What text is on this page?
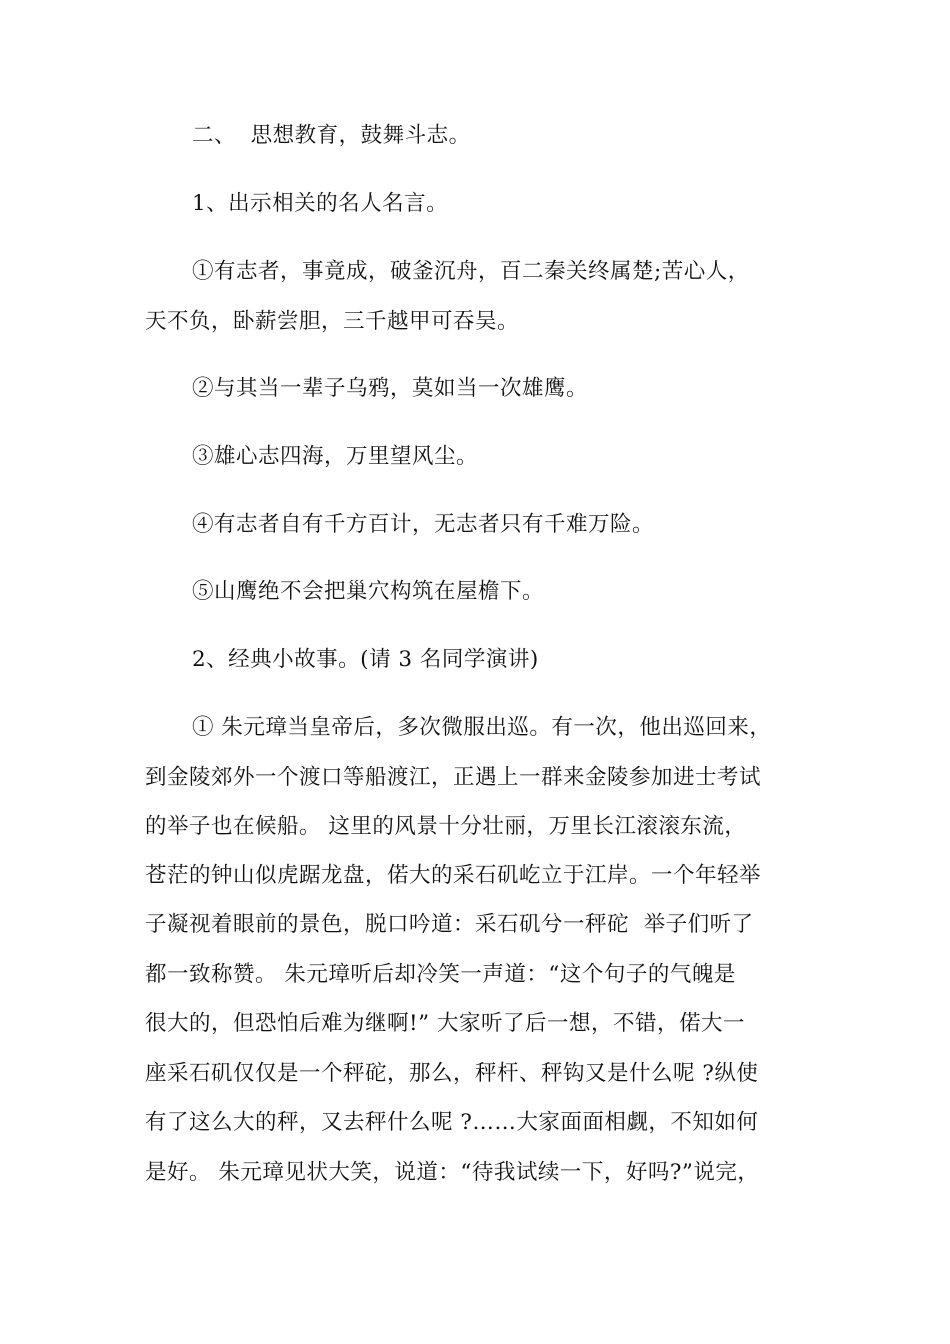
二、  思想教育，鼓舞斗志。
1、出示相关的名人名言。
①有志者，事竟成，破釜沉舟，百二秦关终属楚;苦心人，
天不负，卧薪尝胆，三千越甲可吞吴。
②与其当一辈子乌鸦，莫如当一次雄鹰。
③雄心志四海，万里望风尘。
④有志者自有千方百计，无志者只有千难万险。
⑤山鹰绝不会把巢穴构筑在屋檐下。
2、经典小故事。(请 3 名同学演讲)
① 朱元璋当皇帝后，多次微服出巡。有一次，他出巡回来，
到金陵郊外一个渡口等船渡江，正遇上一群来金陵参加进士考试
的举子也在候船。 这里的风景十分壮丽，万里长江滚滚东流，
苍茫的钟山似虎踞龙盘，偌大的采石矶屹立于江岸。一个年轻举
子凝视着眼前的景色，脱口吟道：采石矶兮一秤砣  举子们听了
都一致称赞。 朱元璋听后却冷笑一声道：“这个句子的气魄是
很大的，但恐怕后难为继啊!” 大家听了后一想，不错，偌大一
座采石矶仅仅是一个秤砣，那么，秤杆、秤钩又是什么呢 ?纵使
有了这么大的秤，又去秤什么呢 ?……大家面面相觑，不知如何
是好。 朱元璋见状大笑，说道：“待我试续一下，好吗?”说完，
